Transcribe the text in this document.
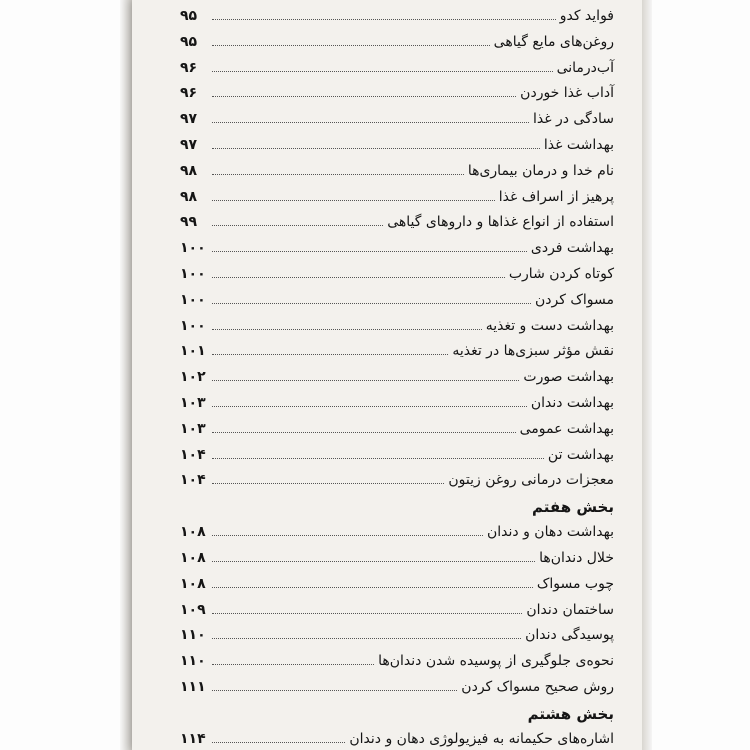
فواید کدو
۹۵
روغن‌های مایع گیاهی
۹۵
آب‌درمانی
۹۶
آداب غذا خوردن
۹۶
سادگی در غذا
۹۷
بهداشت غذا
۹۷
نام خدا و درمان بیماری‌ها
۹۸
پرهیز از اسراف غذا
۹۸
استفاده از انواع غذاها و داروهای گیاهی
۹۹
بهداشت فردی
۱۰۰
کوتاه کردن شارب
۱۰۰
مسواک کردن
۱۰۰
بهداشت دست و تغذیه
۱۰۰
نقش مؤثر سبزی‌ها در تغذیه
۱۰۱
بهداشت صورت
۱۰۲
بهداشت دندان
۱۰۳
بهداشت عمومی
۱۰۳
بهداشت تن
۱۰۴
معجزات درمانی روغن زیتون
۱۰۴
بخش هفتم
بهداشت دهان و دندان
۱۰۸
خلال دندان‌ها
۱۰۸
چوب مسواک
۱۰۸
ساختمان دندان
۱۰۹
پوسیدگی دندان
۱۱۰
نحوه‌ی جلوگیری از پوسیده شدن دندان‌ها
۱۱۰
روش صحیح مسواک کردن
۱۱۱
بخش هشتم
اشاره‌های حکیمانه به فیزیولوژی دهان و دندان
۱۱۴
